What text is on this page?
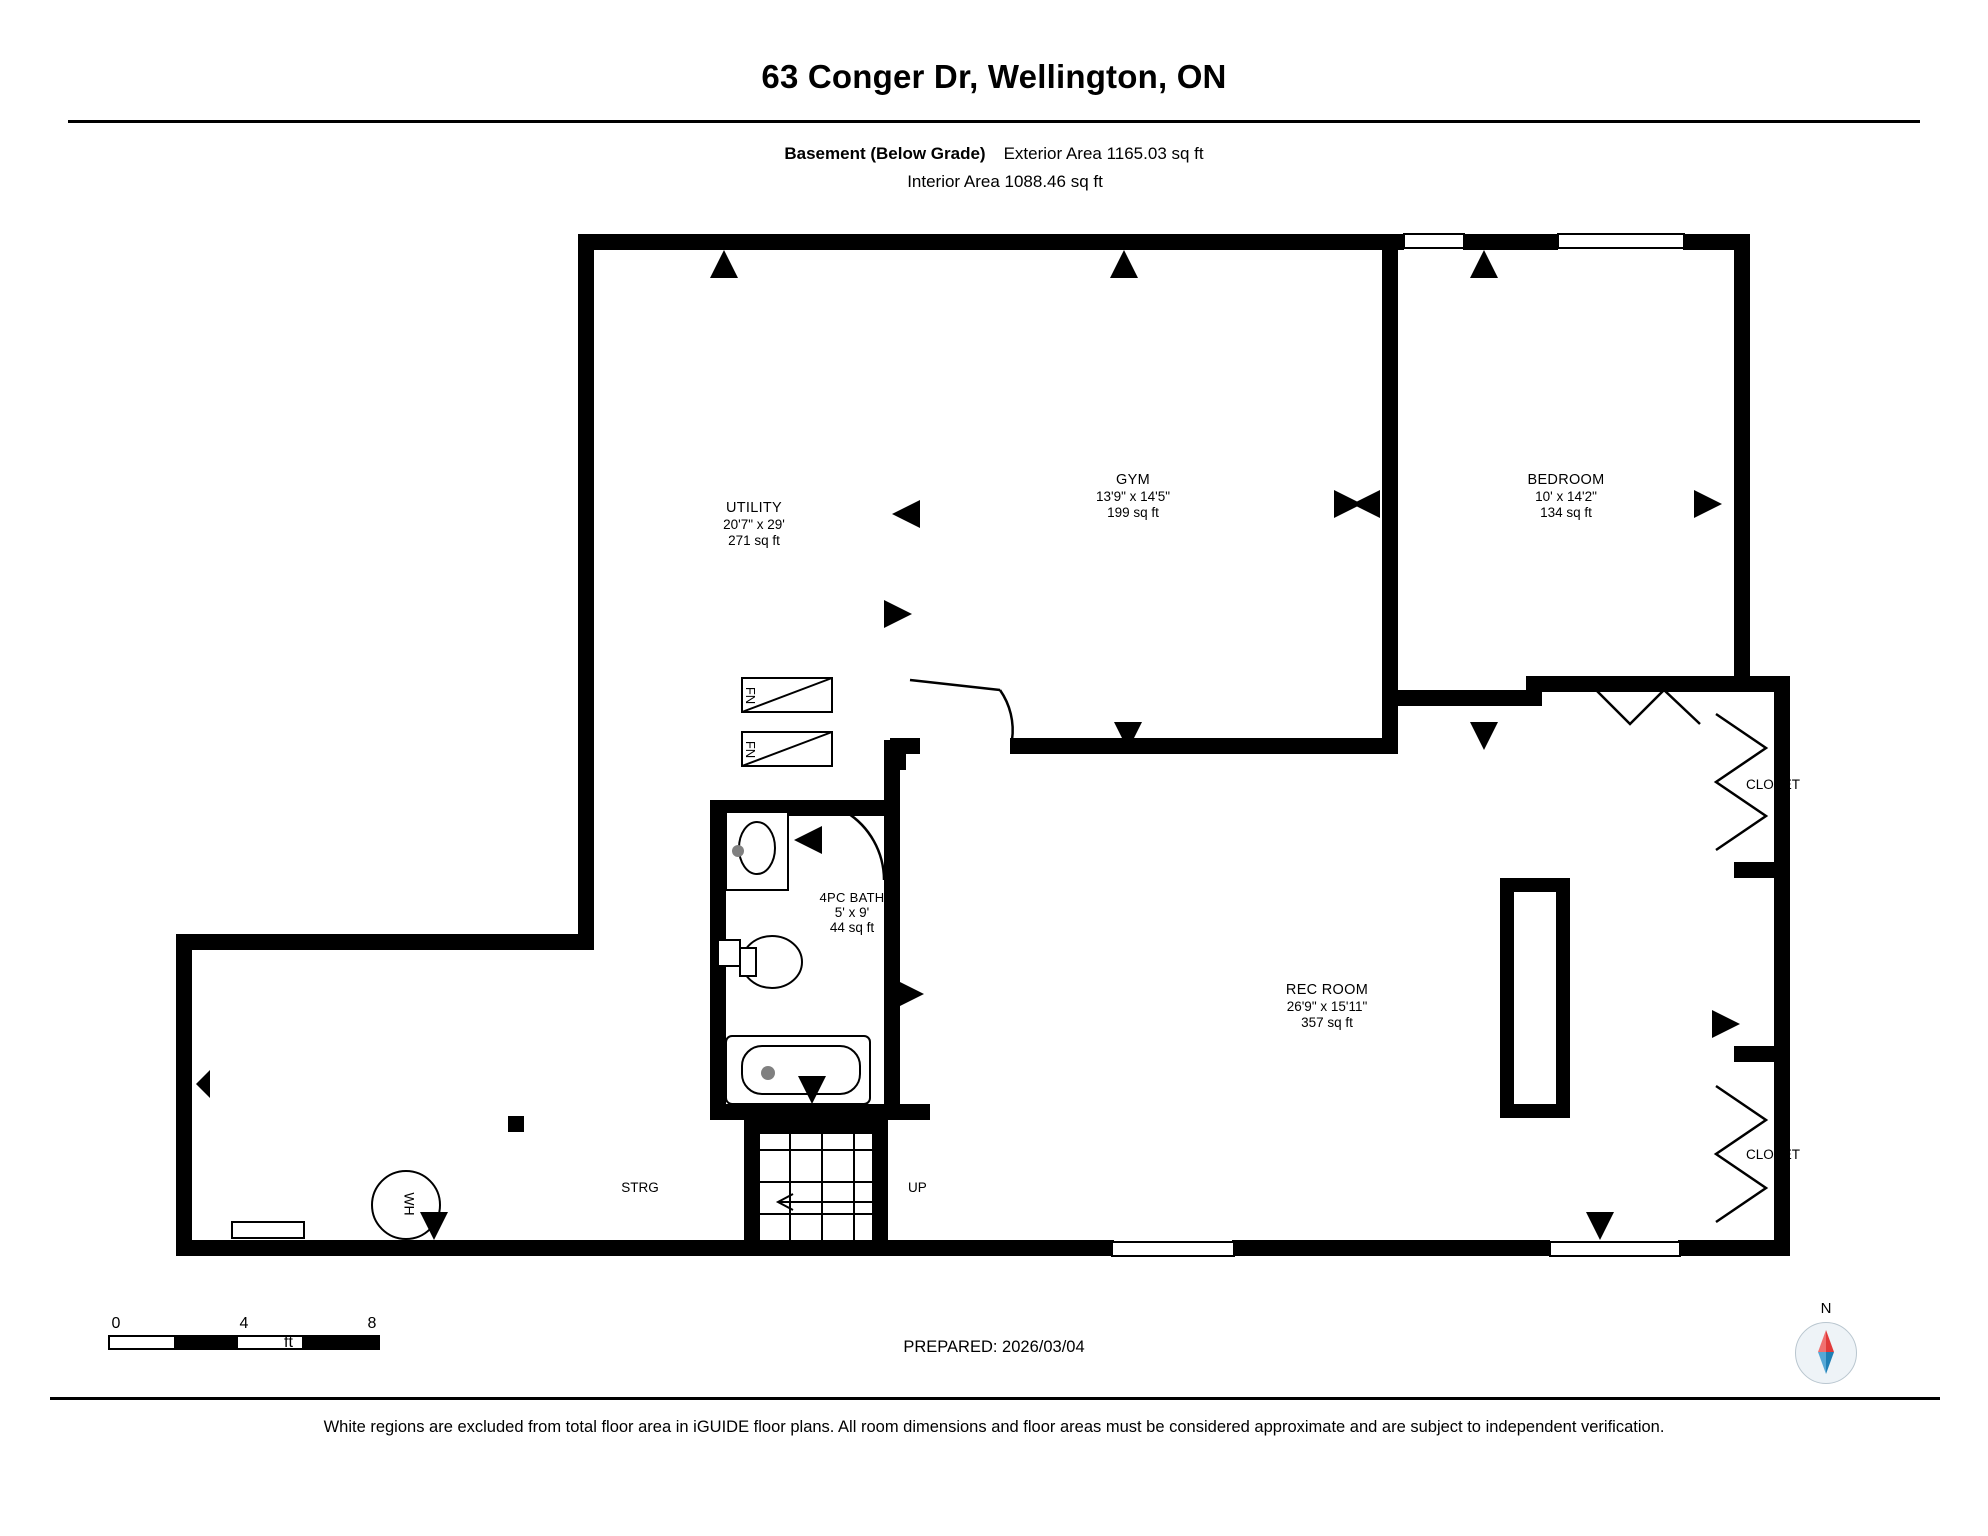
63 Conger Dr, Wellington, ON
Basement (Below Grade) Exterior Area 1165.03 sq ft
Interior Area 1088.46 sq ft
UTILITY
20'7" x 29'
271 sq ft
GYM
13'9" x 14'5"
199 sq ft
BEDROOM
10' x 14'2"
134 sq ft
4PC BATH
5' x 9'
44 sq ft
REC ROOM
26'9" x 15'11"
357 sq ft
CLOSET
CLOSET
STRG	UP
WH
FN
FN
0	4	8
ft	PREPARED: 2026/03/04
N
White regions are excluded from total floor area in iGUIDE floor plans. All room dimensions and floor areas must be considered approximate and are subject to independent verification.
